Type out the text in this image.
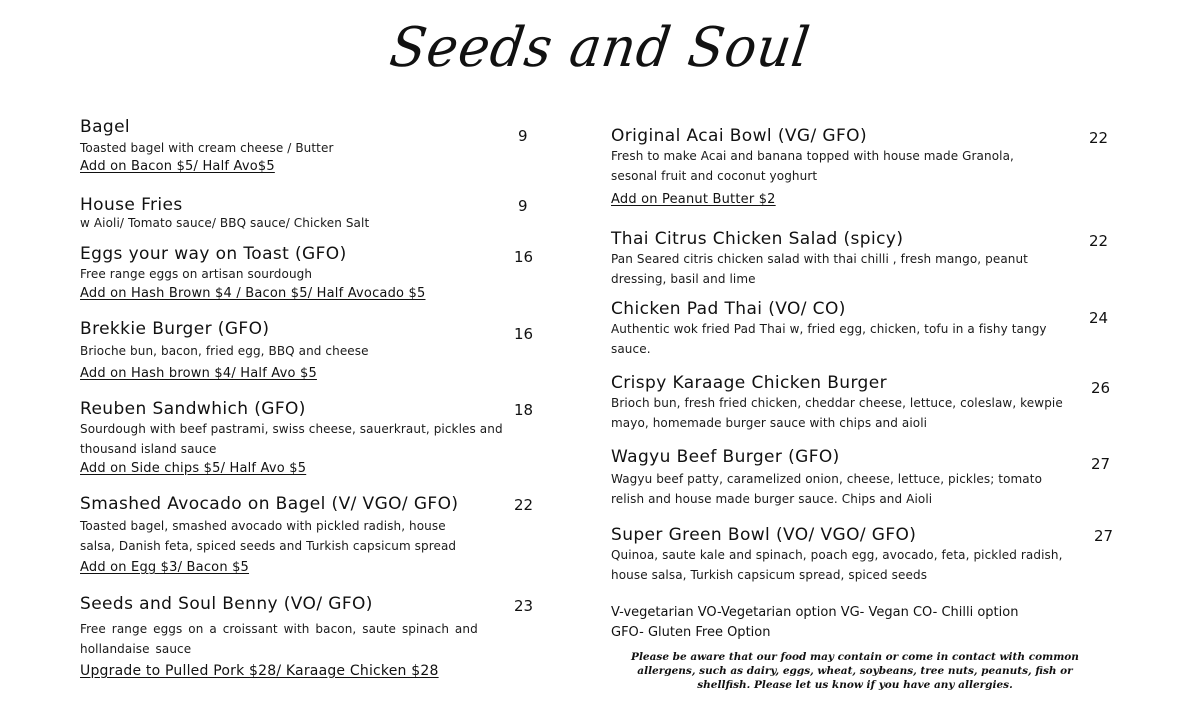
Seeds and Soul
Bagel	9
Toasted bagel with cream cheese / Butter
Add on Bacon $5/ Half Avo$5
House Fries	9
w Aioli/ Tomato sauce/ BBQ sauce/ Chicken Salt
Eggs your way on Toast (GFO)	16
Free range eggs on artisan sourdough
Add on Hash Brown $4 / Bacon $5/ Half Avocado $5
Brekkie Burger (GFO)	16
Brioche bun, bacon, fried egg, BBQ and cheese
Add on Hash brown $4/ Half Avo $5
Reuben Sandwhich (GFO)	18
Sourdough with beef pastrami, swiss cheese, sauerkraut, pickles and thousand island sauce
Add on Side chips $5/ Half Avo $5
Smashed Avocado on Bagel (V/ VGO/ GFO)	22
Toasted bagel, smashed avocado with pickled radish, house salsa, Danish feta, spiced seeds and Turkish capsicum spread
Add on Egg $3/ Bacon $5
Seeds and Soul Benny (VO/ GFO)	23
Free range eggs on a croissant with bacon, saute spinach and hollandaise sauce
Upgrade to Pulled Pork $28/ Karaage Chicken $28
Original Acai Bowl (VG/ GFO)	22
Fresh to make Acai and banana topped with house made Granola, sesonal fruit and coconut yoghurt
Add on Peanut Butter $2
Thai Citrus Chicken Salad (spicy)	22
Pan Seared citris chicken salad with thai chilli , fresh mango, peanut dressing, basil and lime
Chicken Pad Thai (VO/ CO)	24
Authentic wok fried Pad Thai w, fried egg, chicken, tofu in a fishy tangy sauce.
Crispy Karaage Chicken Burger	26
Brioch bun, fresh fried chicken, cheddar cheese, lettuce, coleslaw, kewpie mayo, homemade burger sauce with chips and aioli
Wagyu Beef Burger (GFO)	27
Wagyu beef patty, caramelized onion, cheese, lettuce, pickles; tomato relish and house made burger sauce. Chips and Aioli
Super Green Bowl (VO/ VGO/ GFO)	27
Quinoa, saute kale and spinach, poach egg, avocado, feta, pickled radish, house salsa, Turkish capsicum spread, spiced seeds
V-vegetarian VO-Vegetarian option VG- Vegan CO- Chilli option
GFO- Gluten Free Option
Please be aware that our food may contain or come in contact with common allergens, such as dairy, eggs, wheat, soybeans, tree nuts, peanuts, fish or shellfish. Please let us know if you have any allergies.
